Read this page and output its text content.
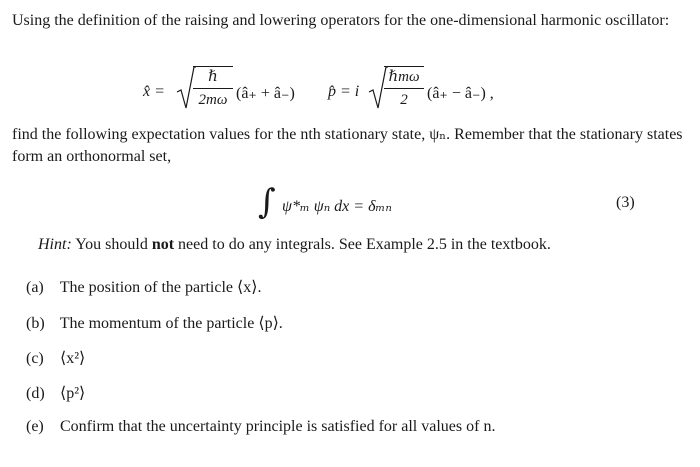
Using the definition of the raising and lowering operators for the one-dimensional harmonic oscillator:
x̂ =
ℏ
2mω (â₊ + â₋) p̂ = i
ℏmω
2	(â₊ − â₋) ,
find the following expectation values for the nth stationary state, ψₙ. Remember that the stationary states form an orthonormal set,
∫ ψ*ₘ ψₙ dx = δₘₙ	(3)
Hint: You should not need to do any integrals. See Example 2.5 in the textbook.
(a) The position of the particle ⟨x⟩.
(b) The momentum of the particle ⟨p⟩.
(c) ⟨x²⟩
(d) ⟨p²⟩
(e) Confirm that the uncertainty principle is satisfied for all values of n.
